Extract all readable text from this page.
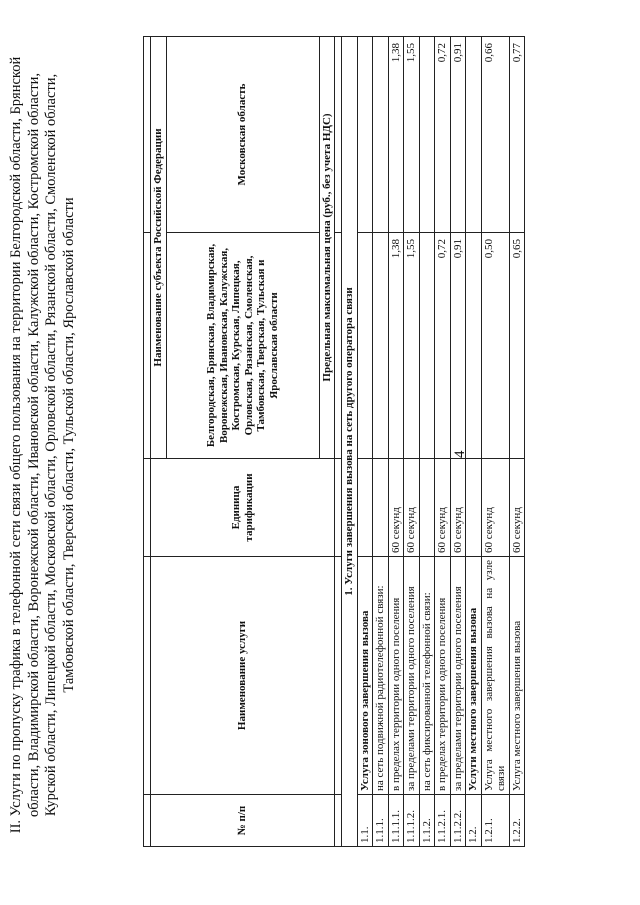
4
II. Услуги по пропуску трафика в телефонной сети связи общего пользования на территории Белгородской области, Брянской области, Владимирской области, Воронежской области, Ивановской области, Калужской области, Костромской области, Курской области, Липецкой области, Московской области, Орловской области, Рязанской области, Смоленской области, Тамбовской области, Тверской области, Тульской области, Ярославской области

№ п/п	Наименование услуги	Единица тарификации	Наименование субъекта Российской Федерации	
			Белгородская, Брянская, Владимирская, Воронежская, Ивановская, Калужская, Костромская, Курская, Липецкая, Орловская, Рязанская, Смоленская, Тамбовская, Тверская, Тульская и Ярославская области	Московская область
			Предельная максимальная цена (руб., без учета НДС)	

1. Услуги завершения вызова на сеть другого оператора связи				
1.1.	Услуга зонового завершения вызова			
1.1.1.	на сеть подвижной радиотелефонной связи:			
1.1.1.1.	в пределах территории одного поселения	60 секунд	1,38	1,38
1.1.1.2.	за пределами территории одного поселения	60 секунд	1,55	1,55
1.1.2.	на сеть фиксированной телефонной связи:			
1.1.2.1.	в пределах территории одного поселения	60 секунд	0,72	0,72
1.1.2.2.	за пределами территории одного поселения	60 секунд	0,91	0,91
1.2.	Услуги местного завершения вызова			
1.2.1.	Услуга местного завершения вызова на узле связи	60 секунд	0,50	0,66
1.2.2.	Услуга местного завершения вызова	60 секунд	0,65	0,77
